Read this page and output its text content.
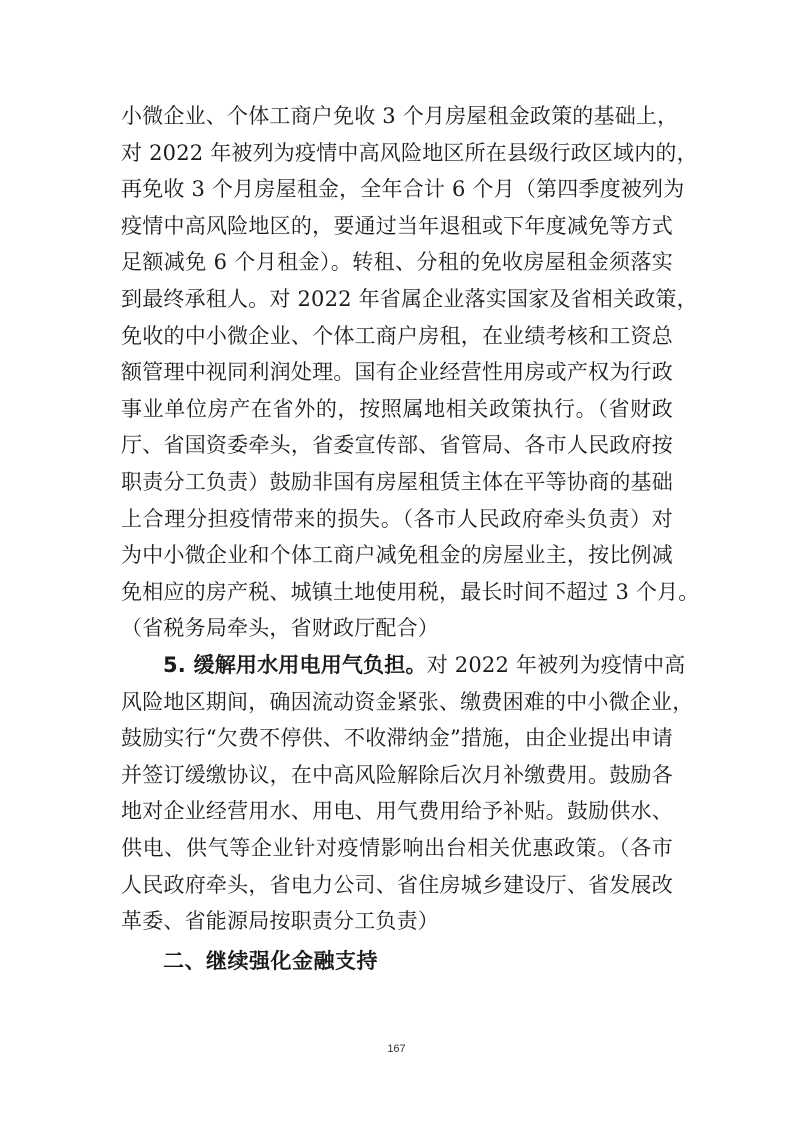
小微企业、个体工商户免收 3 个月房屋租金政策的基础上，
对 2022 年被列为疫情中高风险地区所在县级行政区域内的，
再免收 3 个月房屋租金，全年合计 6 个月（第四季度被列为
疫情中高风险地区的，要通过当年退租或下年度减免等方式
足额减免 6 个月租金）。转租、分租的免收房屋租金须落实
到最终承租人。对 2022 年省属企业落实国家及省相关政策，
免收的中小微企业、个体工商户房租，在业绩考核和工资总
额管理中视同利润处理。国有企业经营性用房或产权为行政
事业单位房产在省外的，按照属地相关政策执行。（省财政
厅、省国资委牵头，省委宣传部、省管局、各市人民政府按
职责分工负责）鼓励非国有房屋租赁主体在平等协商的基础
上合理分担疫情带来的损失。（各市人民政府牵头负责）对
为中小微企业和个体工商户减免租金的房屋业主，按比例减
免相应的房产税、城镇土地使用税，最长时间不超过 3 个月。
（省税务局牵头，省财政厅配合）
5. 缓解用水用电用气负担。对 2022 年被列为疫情中高
风险地区期间，确因流动资金紧张、缴费困难的中小微企业，
鼓励实行“欠费不停供、不收滞纳金”措施，由企业提出申请
并签订缓缴协议，在中高风险解除后次月补缴费用。鼓励各
地对企业经营用水、用电、用气费用给予补贴。鼓励供水、
供电、供气等企业针对疫情影响出台相关优惠政策。（各市
人民政府牵头，省电力公司、省住房城乡建设厅、省发展改
革委、省能源局按职责分工负责）
167
二、继续强化金融支持
